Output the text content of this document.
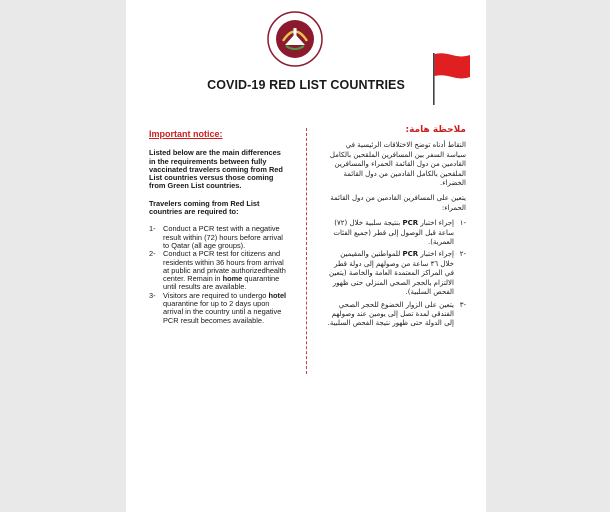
COVID-19 RED LIST COUNTRIES
Important notice:
Listed below are the main differences in the requirements between fully vaccinated travelers coming from Red List countries versus those coming from Green List countries.
Travelers coming from Red List countries are required to:
1-	Conduct a PCR test with a negative result within (72) hours before arrival to Qatar (all age groups).
2-	Conduct a PCR test for citizens and residents within 36 hours from arrival at public and private authorizedhealth center. Remain in home quarantine until results are available.
3-	Visitors are required to undergo hotel quarantine for up to 2 days upon arrival in the country until a negative PCR result becomes available.
ملاحظة هامة:
النقاط أدناه توضح الاختلافات الرئيسية في سياسة السفر بين المسافرين الملقحين بالكامل القادمين من دول القائمة الحمراء والمسافرين الملقحين بالكامل القادمين من دول القائمة الخضراء.
يتعين على المسافرين القادمين من دول القائمة الحمراء:
-١
إجراء اختبار PCR بنتيجة سلبية خلال (٧٢) ساعة قبل الوصول إلى قطر (جميع الفئات العمرية).
-٢
إجراء اختبار PCR للمواطنين والمقيمين خلال ٣٦ ساعة من وصولهم إلى دولة قطر في المراكز المعتمدة العامة والخاصة (يتعين الالتزام بالحجر الصحي المنزلي حتى ظهور الفحص السلبية).
-٣
يتعين على الزوار الخضوع للحجر الصحي الفندقي لمدة تصل إلى يومين عند وصولهم إلى الدولة حتى ظهور نتيجة الفحص السلبية.
